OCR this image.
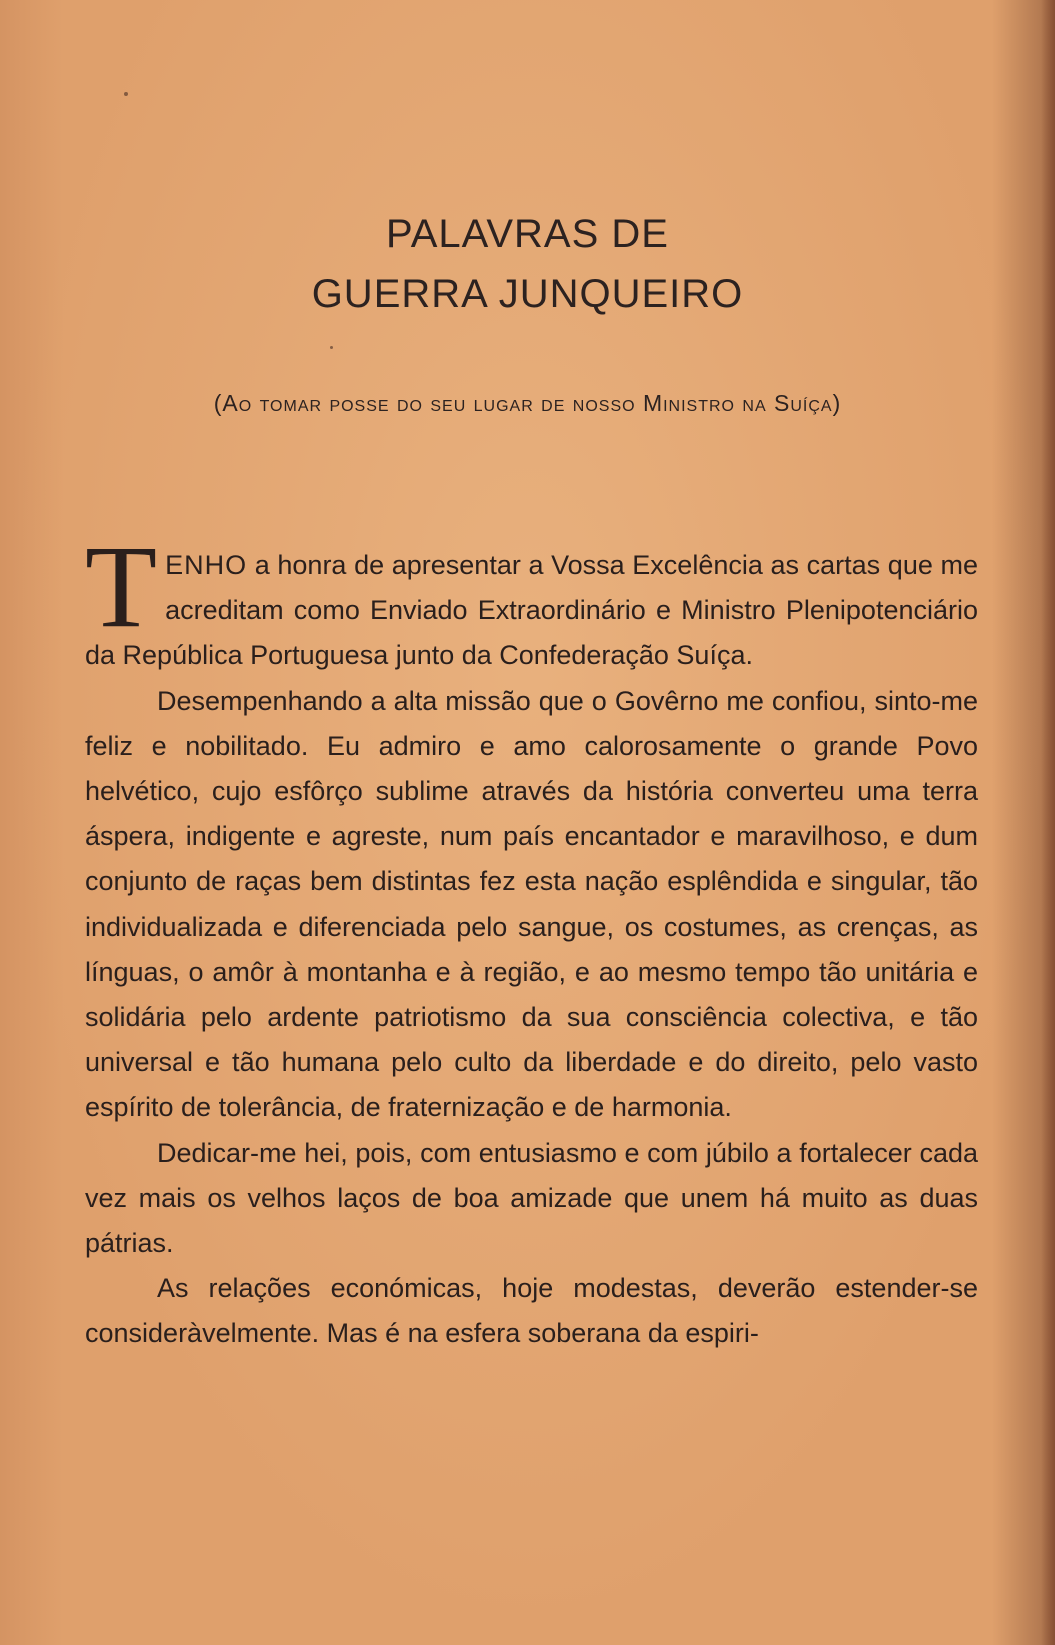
PALAVRAS DE
GUERRA JUNQUEIRO
(Ao tomar posse do seu lugar de nosso Ministro na Suíça)

TENHO a honra de apresentar a Vossa Excelência as cartas que me acreditam como Enviado Extraordinário e Ministro Plenipotenciário da República Portuguesa junto da Confederação Suíça.

Desempenhando a alta missão que o Govêrno me confiou, sinto-me feliz e nobilitado. Eu admiro e amo calorosamente o grande Povo helvético, cujo esfôrço sublime através da história converteu uma terra áspera, indigente e agreste, num país encantador e maravilhoso, e dum conjunto de raças bem distintas fez esta nação esplêndida e singular, tão individualizada e diferenciada pelo sangue, os costumes, as crenças, as línguas, o amôr à montanha e à região, e ao mesmo tempo tão unitária e solidária pelo ardente patriotismo da sua consciência colectiva, e tão universal e tão humana pelo culto da liberdade e do direito, pelo vasto espírito de tolerância, de fraternização e de harmonia.

Dedicar-me hei, pois, com entusiasmo e com júbilo a fortalecer cada vez mais os velhos laços de boa amizade que unem há muito as duas pátrias.

As relações económicas, hoje modestas, deverão estender-se consideràvelmente. Mas é na esfera soberana da espiri-
